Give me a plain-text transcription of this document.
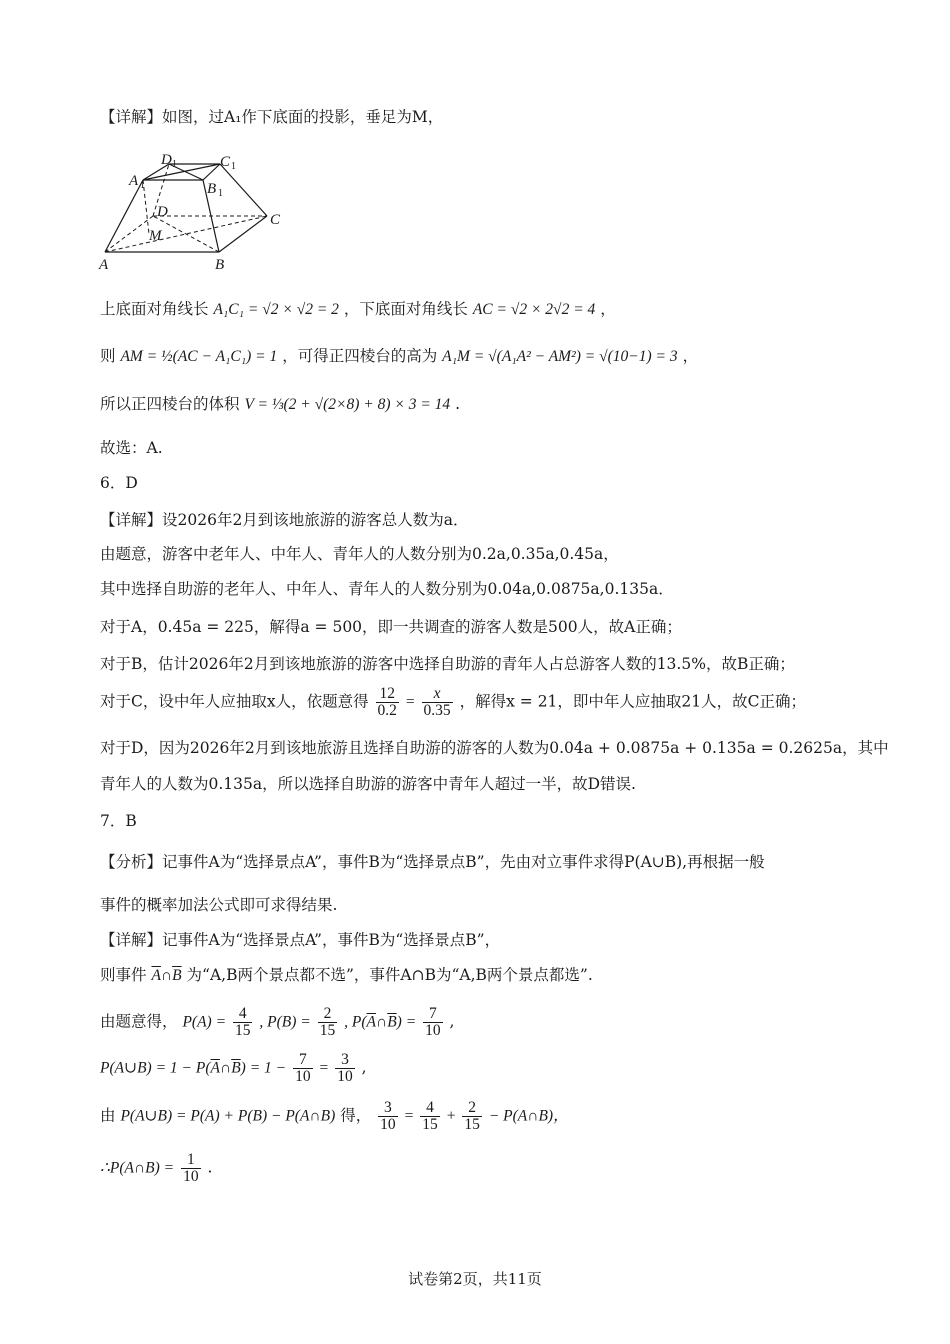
【详解】如图，过A₁作下底面的投影，垂足为M，
A	B
C
D
M
A 1
D 1	C 1
B 1
上底面对角线长 A₁C₁ = √2 × √2 = 2 ，下底面对角线长 AC = √2 × 2√2 = 4 ，
则 AM = ½(AC − A₁C₁) = 1 ，可得正四棱台的高为 A₁M = √(A₁A² − AM²) = √(10−1) = 3 ，
所以正四棱台的体积 V = ⅓(2 + √(2×8) + 8) × 3 = 14 .
故选：A.
6．D
【详解】设2026年2月到该地旅游的游客总人数为a．
由题意，游客中老年人、中年人、青年人的人数分别为0.2a,0.35a,0.45a，
其中选择自助游的老年人、中年人、青年人的人数分别为0.04a,0.0875a,0.135a．
对于A，0.45a = 225，解得a = 500，即一共调查的游客人数是500人，故A正确；
对于B，估计2026年2月到该地旅游的游客中选择自助游的青年人占总游客人数的13.5%，故B正确；
对于C，设中年人应抽取x人，依题意得 $\frac{12}{0.2} = \frac{x}{0.35}$ ，解得x = 21，即中年人应抽取21人，故C正确；
对于D，因为2026年2月到该地旅游且选择自助游的游客的人数为0.04a + 0.0875a + 0.135a = 0.2625a，其中
青年人的人数为0.135a，所以选择自助游的游客中青年人超过一半，故D错误.
7．B
【分析】记事件A为“选择景点A”，事件B为“选择景点B”，先由对立事件求得P(A∪B),再根据一般
事件的概率加法公式即可求得结果.
【详解】记事件A为“选择景点A”，事件B为“选择景点B”，
则事件 $\overline{A}\cap\overline{B}$ 为“A,B两个景点都不选”，事件A∩B为“A,B两个景点都选”.
由题意得， $P(A) = \frac{4}{15}$ , $P(B) = \frac{2}{15}$ , $P(\overline{A}\cap\overline{B}) = \frac{7}{10}$ ,
P(A∪B) = $1 - P(\overline{A}\cap\overline{B}) = 1 - \frac{7}{10} = \frac{3}{10}$ ,
由 P(A∪B) = P(A) + P(B) − P(A∩B) 得， $\frac{3}{10} = \frac{4}{15} + \frac{2}{15}$ − P(A∩B)，
∴P(A∩B) = $\frac{1}{10}$ .
试卷第2页，共11页
